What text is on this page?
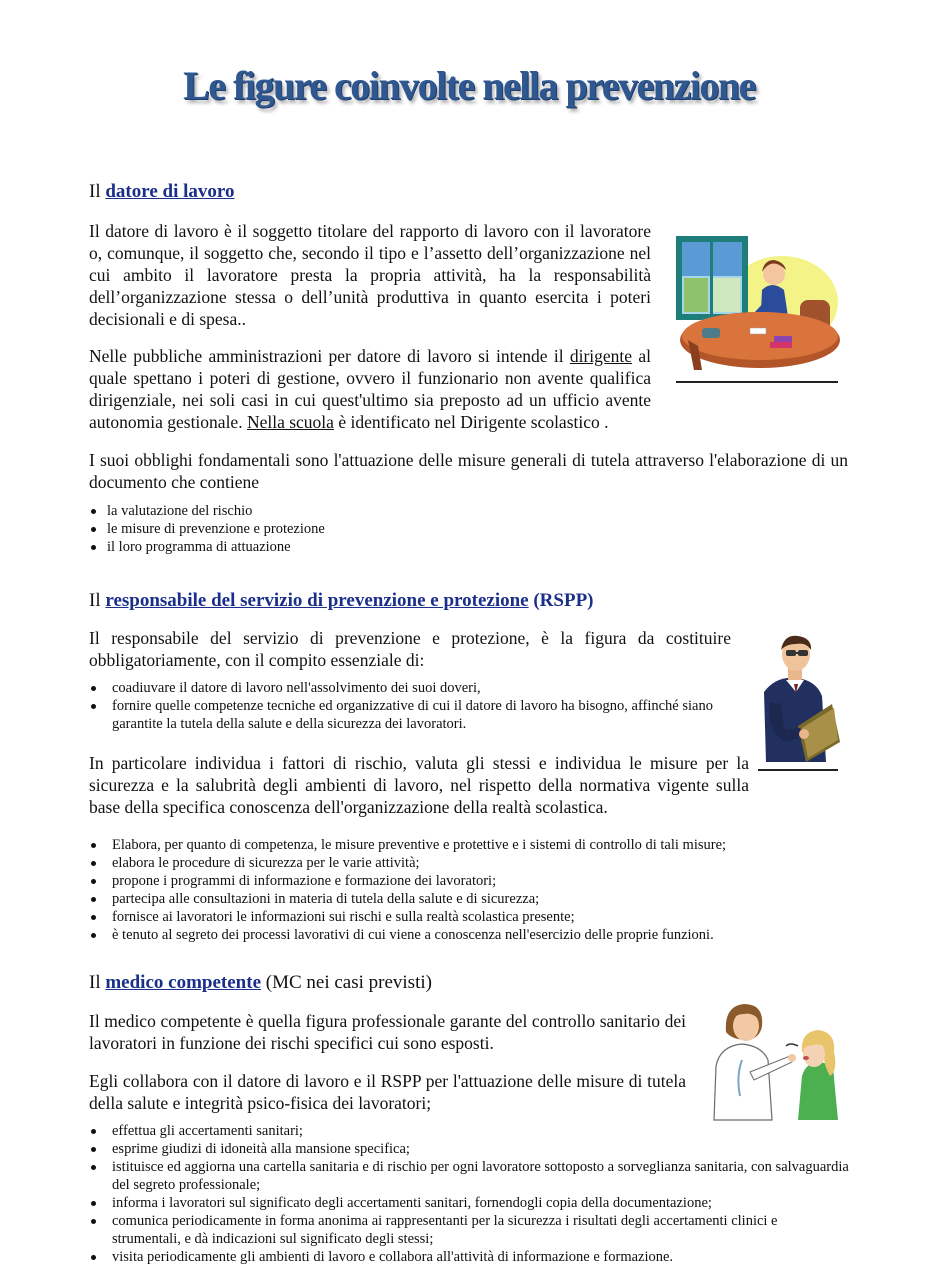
Le figure coinvolte nella prevenzione
Il datore di lavoro

Il datore di lavoro è il soggetto titolare del rapporto di lavoro con il lavoratore o, comunque, il soggetto che, secondo il tipo e l’assetto dell’organizzazione nel cui ambito il lavoratore presta la propria attività, ha la responsabilità dell’organizzazione stessa o dell’unità produttiva in quanto esercita i poteri decisionali e di spesa..

Nelle pubbliche amministrazioni per datore di lavoro si intende il dirigente al quale spettano i poteri di gestione, ovvero il funzionario non avente qualifica dirigenziale, nei soli casi in cui quest'ultimo sia preposto ad un ufficio avente autonomia gestionale. Nella scuola è identificato nel Dirigente scolastico .

I suoi obblighi fondamentali sono l'attuazione delle misure generali di tutela attraverso l'elaborazione di un documento che contiene

la valutazione del rischio
le misure di prevenzione e protezione
il loro programma di attuazione
Il responsabile del servizio di prevenzione e protezione (RSPP)

Il responsabile del servizio di prevenzione e protezione, è la figura da costituire obbligatoriamente, con il compito essenziale di:

coadiuvare il datore di lavoro nell'assolvimento dei suoi doveri,
fornire quelle competenze tecniche ed organizzative di cui il datore di lavoro ha bisogno, affinché siano garantite la tutela della salute e della sicurezza dei lavoratori.

In particolare individua i fattori di rischio, valuta gli stessi e individua le misure per la sicurezza e la salubrità degli ambienti di lavoro, nel rispetto della normativa vigente sulla base della specifica conoscenza dell'organizzazione della realtà scolastica.

Elabora, per quanto di competenza, le misure preventive e protettive e i sistemi di controllo di tali misure;
elabora le procedure di sicurezza per le varie attività;
propone i programmi di informazione e formazione dei lavoratori;
partecipa alle consultazioni in materia di tutela della salute e di sicurezza;
fornisce ai lavoratori le informazioni sui rischi e sulla realtà scolastica presente;
è tenuto al segreto dei processi lavorativi di cui viene a conoscenza nell'esercizio delle proprie funzioni.
Il medico competente (MC nei casi previsti)

Il medico competente è quella figura professionale garante del controllo sanitario dei lavoratori in funzione dei rischi specifici cui sono esposti.

Egli collabora con il datore di lavoro e il RSPP per l'attuazione delle misure di tutela della salute e integrità psico-fisica dei lavoratori;

effettua gli accertamenti sanitari;
esprime giudizi di idoneità alla mansione specifica;
istituisce ed aggiorna una cartella sanitaria e di rischio per ogni lavoratore sottoposto a sorveglianza sanitaria, con salvaguardia del segreto professionale;
informa i lavoratori sul significato degli accertamenti sanitari, fornendogli copia della documentazione;
comunica periodicamente in forma anonima ai rappresentanti per la sicurezza i risultati degli accertamenti clinici e strumentali, e dà indicazioni sul significato degli stessi;
visita periodicamente gli ambienti di lavoro e collabora all'attività di informazione e formazione.
